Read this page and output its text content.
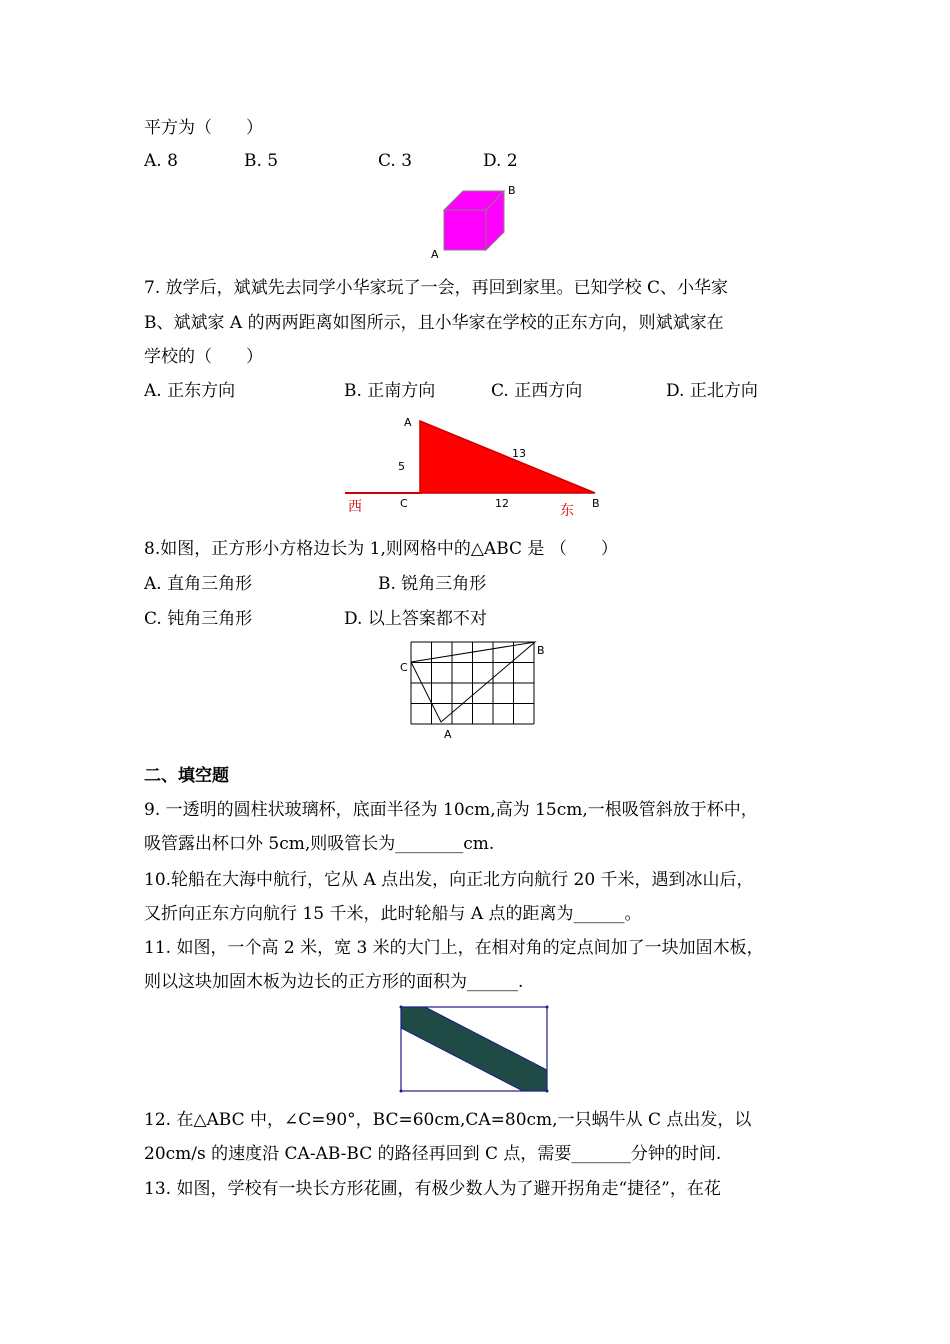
平方为（　　）
A. 8	B. 5	C. 3	D. 2
A
B
7. 放学后，斌斌先去同学小华家玩了一会，再回到家里。已知学校 C、小华家
B、斌斌家 A 的两两距离如图所示，且小华家在学校的正东方向，则斌斌家在
学校的（　　）
A. 正东方向	B. 正南方向	C. 正西方向	D. 正北方向
A
5
13
C	12	B
西	东
8.如图，正方形小方格边长为 1,则网格中的△ABC 是 （　　）
A. 直角三角形	B. 锐角三角形
C. 钝角三角形	D. 以上答案都不对
C
B
A
二、填空题
9. 一透明的圆柱状玻璃杯，底面半径为 10cm,高为 15cm,一根吸管斜放于杯中，
吸管露出杯口外 5cm,则吸管长为________cm.
10.轮船在大海中航行，它从 A 点出发，向正北方向航行 20 千米，遇到冰山后，
又折向正东方向航行 15 千米，此时轮船与 A 点的距离为______。
11. 如图，一个高 2 米，宽 3 米的大门上，在相对角的定点间加了一块加固木板，
则以这块加固木板为边长的正方形的面积为______.
12. 在△ABC 中，∠C=90°，BC=60cm,CA=80cm,一只蜗牛从 C 点出发，以
20cm/s 的速度沿 CA-AB-BC 的路径再回到 C 点，需要_______分钟的时间.
13. 如图，学校有一块长方形花圃，有极少数人为了避开拐角走“捷径”，在花
